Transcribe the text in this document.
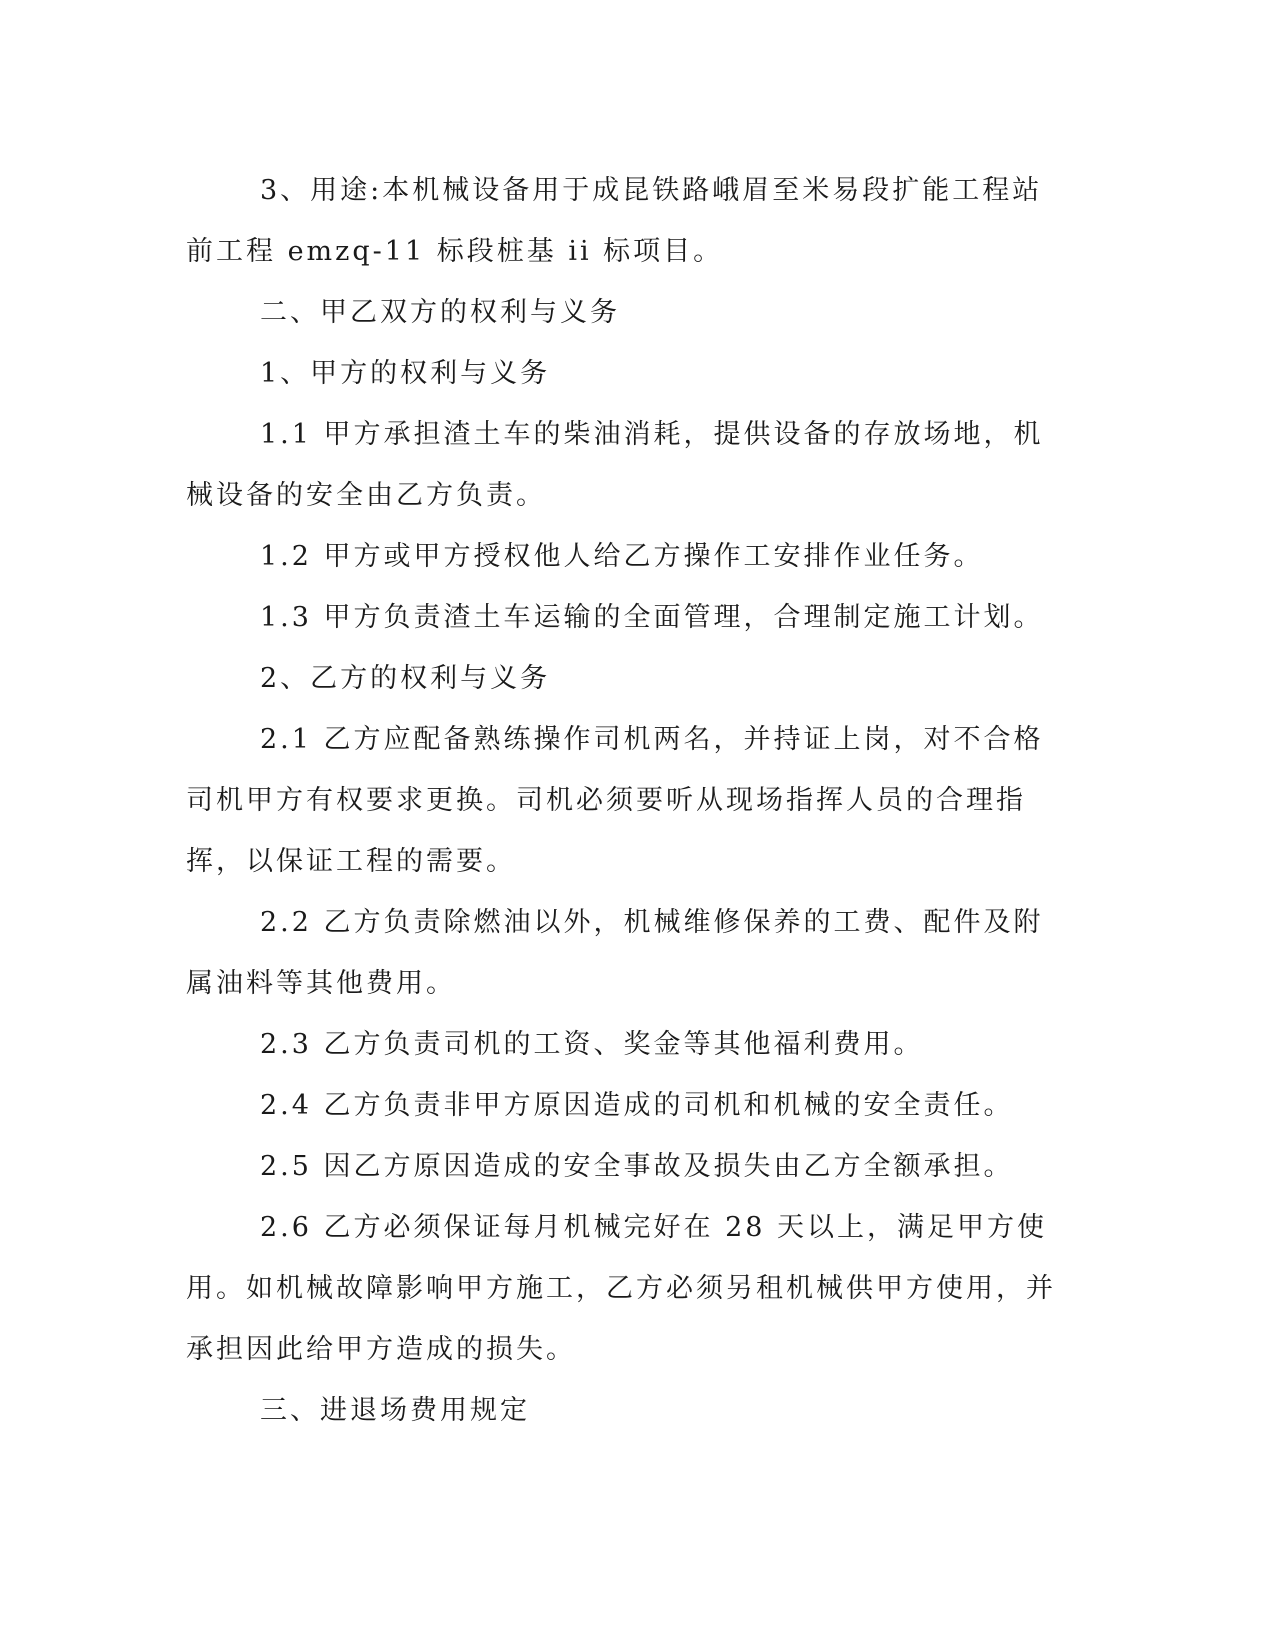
3、用途:本机械设备用于成昆铁路峨眉至米易段扩能工程站前工程 emzq-11 标段桩基 ii 标项目。

二、甲乙双方的权利与义务

1、甲方的权利与义务

1.1 甲方承担渣土车的柴油消耗，提供设备的存放场地，机械设备的安全由乙方负责。

1.2 甲方或甲方授权他人给乙方操作工安排作业任务。

1.3 甲方负责渣土车运输的全面管理，合理制定施工计划。

2、乙方的权利与义务

2.1 乙方应配备熟练操作司机两名，并持证上岗，对不合格司机甲方有权要求更换。司机必须要听从现场指挥人员的合理指挥，以保证工程的需要。

2.2 乙方负责除燃油以外，机械维修保养的工费、配件及附属油料等其他费用。

2.3 乙方负责司机的工资、奖金等其他福利费用。

2.4 乙方负责非甲方原因造成的司机和机械的安全责任。

2.5 因乙方原因造成的安全事故及损失由乙方全额承担。

2.6 乙方必须保证每月机械完好在 28 天以上，满足甲方使用。如机械故障影响甲方施工，乙方必须另租机械供甲方使用，并承担因此给甲方造成的损失。

三、进退场费用规定
